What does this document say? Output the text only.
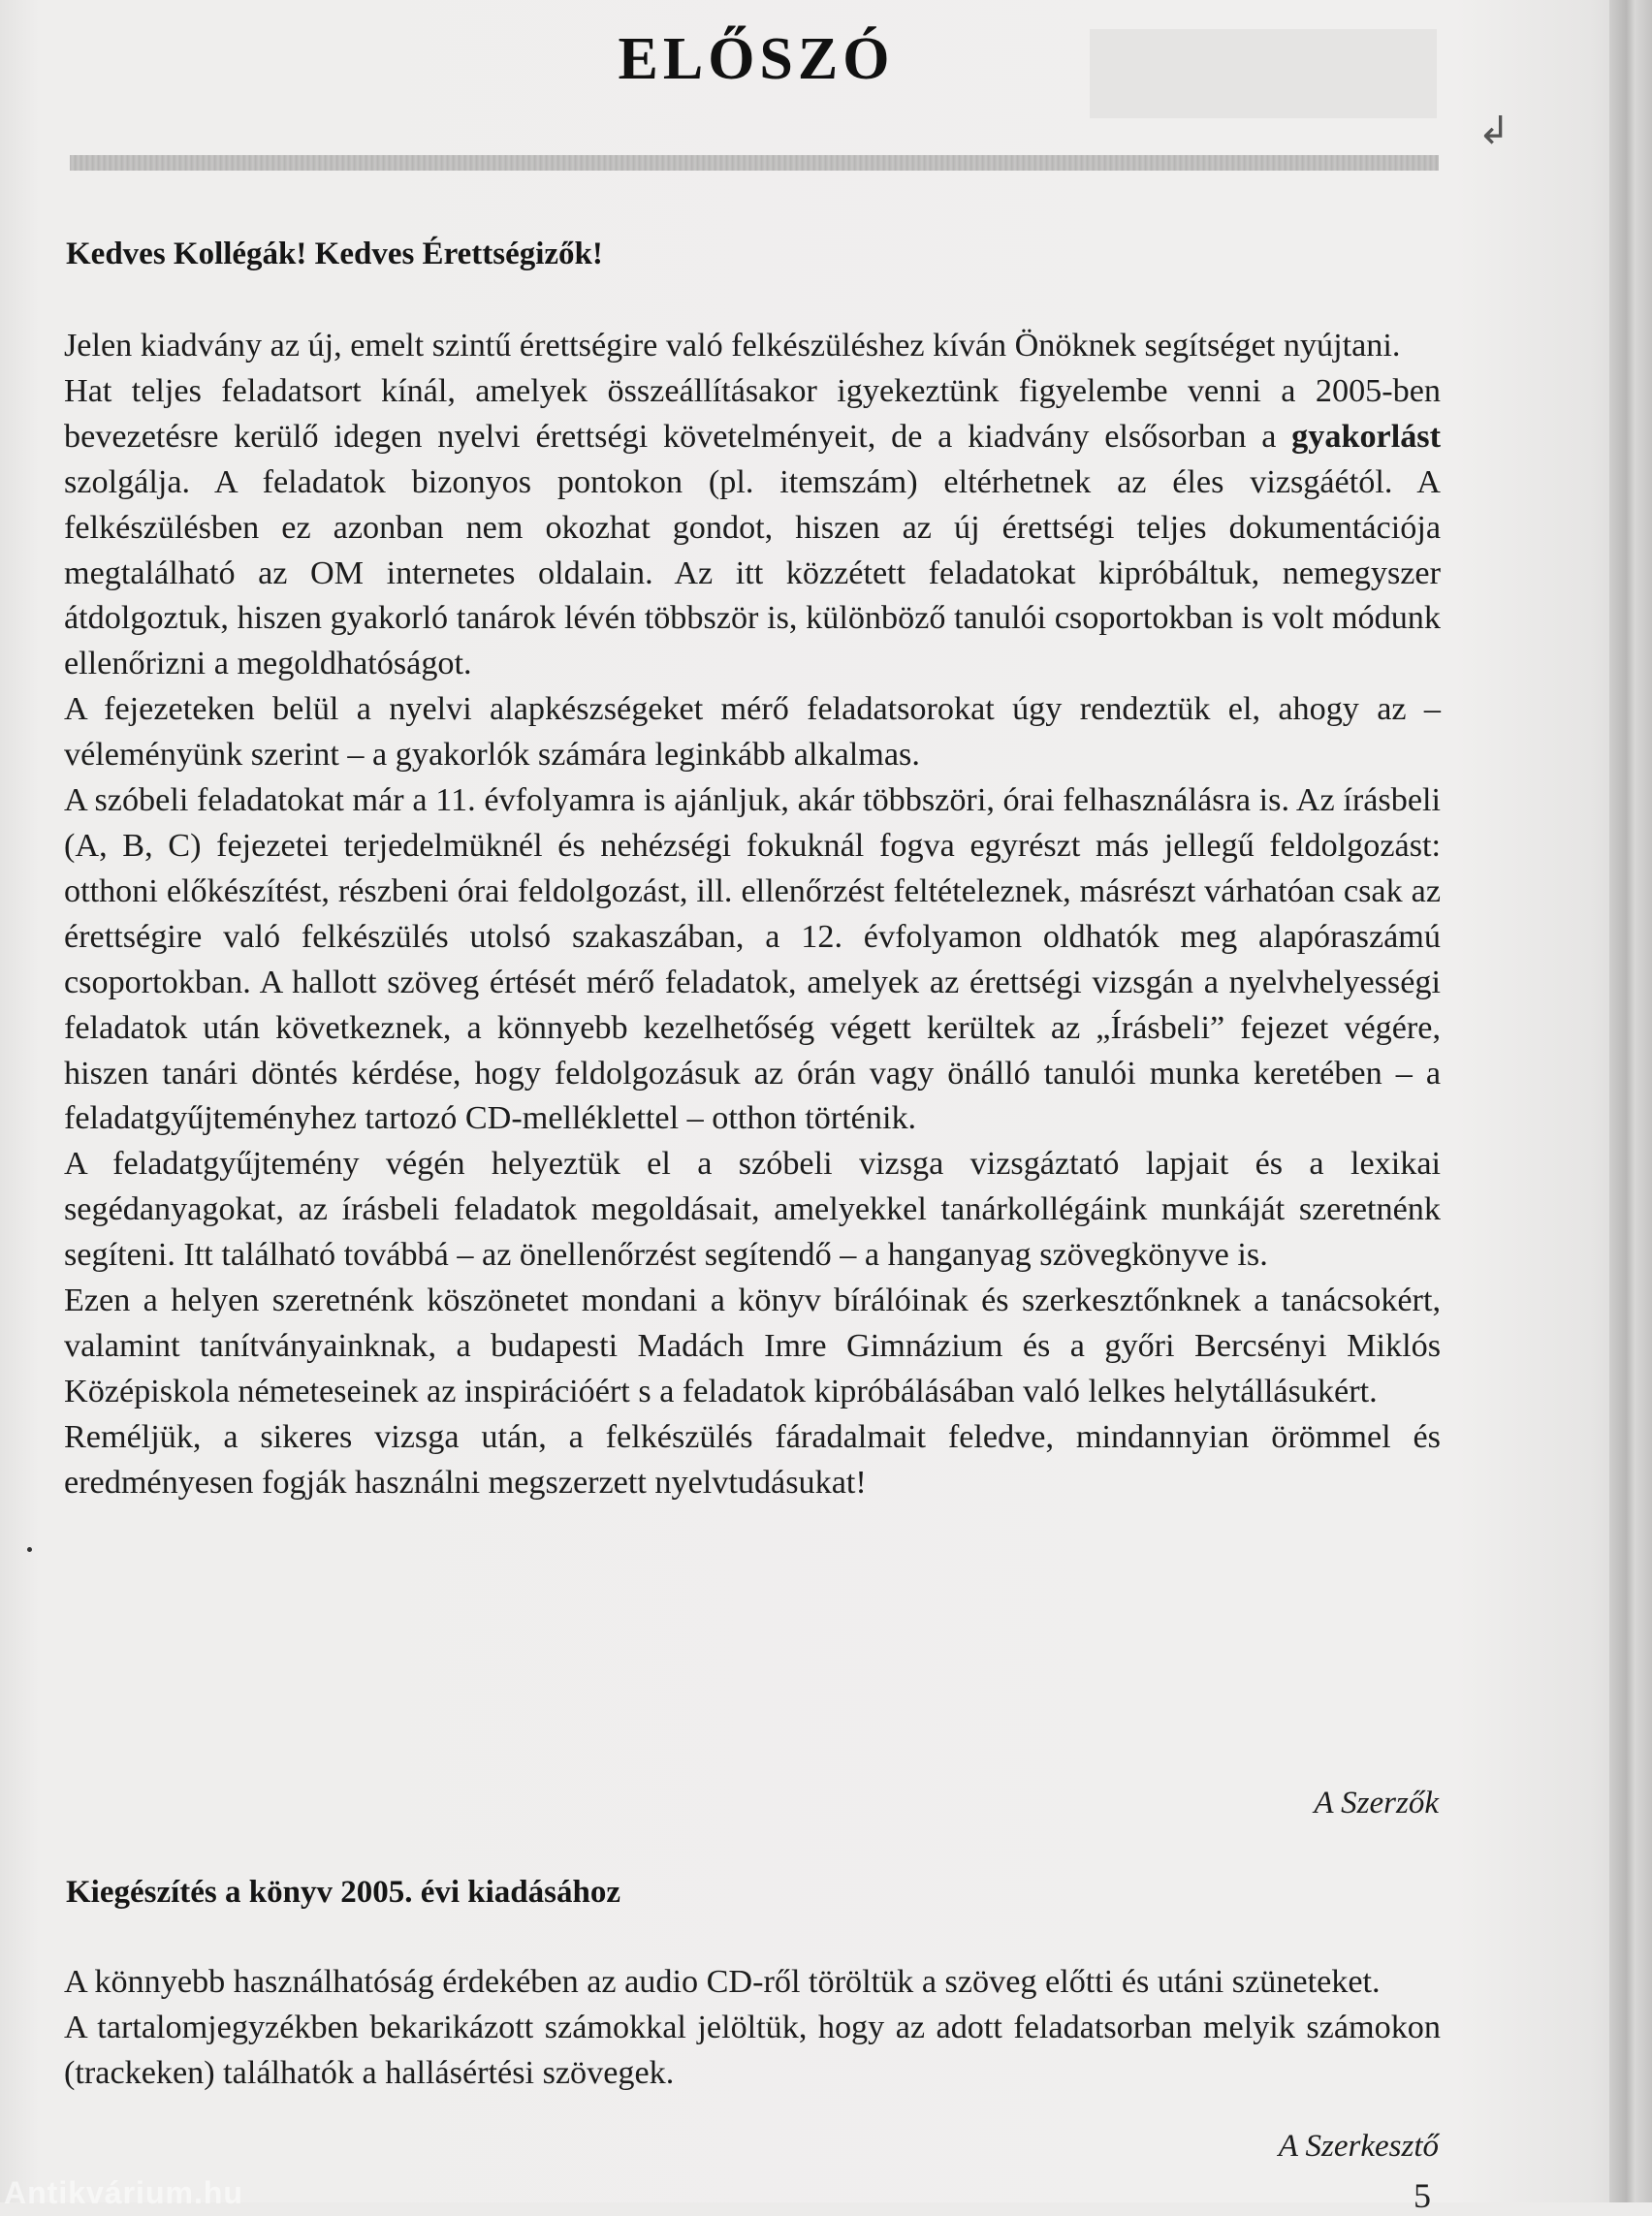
ELŐSZÓ
↲
Kedves Kollégák! Kedves Érettségizők!

Jelen kiadvány az új, emelt szintű érettségire való felkészüléshez kíván Önöknek segítséget nyújtani.

Hat teljes feladatsort kínál, amelyek összeállításakor igyekeztünk figyelembe venni a 2005-ben bevezetésre kerülő idegen nyelvi érettségi követelményeit, de a kiadvány elsősorban a gyakorlást szolgálja. A feladatok bizonyos pontokon (pl. itemszám) eltérhetnek az éles vizsgáétól. A felkészülésben ez azonban nem okozhat gondot, hiszen az új érettségi teljes dokumentációja megtalálható az OM internetes oldalain. Az itt közzétett feladatokat kipróbáltuk, nemegyszer átdolgoztuk, hiszen gyakorló tanárok lévén többször is, különböző tanulói csoportokban is volt módunk ellenőrizni a megoldhatóságot.

A fejezeteken belül a nyelvi alapkészségeket mérő feladatsorokat úgy rendeztük el, ahogy az – véleményünk szerint – a gyakorlók számára leginkább alkalmas.

A szóbeli feladatokat már a 11. évfolyamra is ajánljuk, akár többszöri, órai felhasználásra is. Az írásbeli (A, B, C) fejezetei terjedelmüknél és nehézségi fokuknál fogva egyrészt más jellegű feldolgozást: otthoni előkészítést, részbeni órai feldolgozást, ill. ellenőrzést feltételeznek, másrészt várhatóan csak az érettségire való felkészülés utolsó szakaszában, a 12. évfolyamon oldhatók meg alapóraszámú csoportokban. A hallott szöveg értését mérő feladatok, amelyek az érettségi vizsgán a nyelvhelyességi feladatok után következnek, a könnyebb kezelhetőség végett kerültek az „Írásbeli” fejezet végére, hiszen tanári döntés kérdése, hogy feldolgozásuk az órán vagy önálló tanulói munka keretében – a feladatgyűjteményhez tartozó CD-melléklettel – otthon történik.

A feladatgyűjtemény végén helyeztük el a szóbeli vizsga vizsgáztató lapjait és a lexikai segédanyagokat, az írásbeli feladatok megoldásait, amelyekkel tanárkollégáink munkáját szeretnénk segíteni. Itt található továbbá – az önellenőrzést segítendő – a hanganyag szövegkönyve is.

Ezen a helyen szeretnénk köszönetet mondani a könyv bírálóinak és szerkesztőnknek a tanácsokért, valamint tanítványainknak, a budapesti Madách Imre Gimnázium és a győri Bercsényi Miklós Középiskola németeseinek az inspirációért s a feladatok kipróbálásában való lelkes helytállásukért.

Reméljük, a sikeres vizsga után, a felkészülés fáradalmait feledve, mindannyian örömmel és eredményesen fogják használni megszerzett nyelvtudásukat!

A Szerzők
Kiegészítés a könyv 2005. évi kiadásához

A könnyebb használhatóság érdekében az audio CD-ről töröltük a szöveg előtti és utáni szüneteket.

A tartalomjegyzékben bekarikázott számokkal jelöltük, hogy az adott feladatsorban melyik számokon (trackeken) találhatók a hallásértési szövegek.

A Szerkesztő
Antikvárium.hu	5
